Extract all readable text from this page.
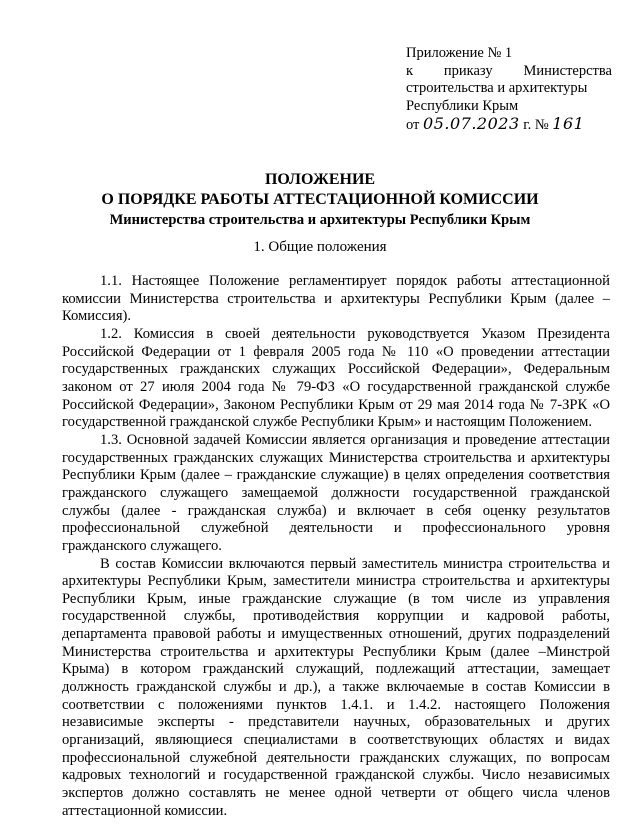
Приложение № 1
к приказу Министерства
строительства и архитектуры
Республики Крым
от 05.07.2023 г. № 161
ПОЛОЖЕНИЕ
О ПОРЯДКЕ РАБОТЫ АТТЕСТАЦИОННОЙ КОМИССИИ
Министерства строительства и архитектуры Республики Крым
1. Общие положения

1.1. Настоящее Положение регламентирует порядок работы аттестационной комиссии Министерства строительства и архитектуры Республики Крым (далее – Комиссия).

1.2. Комиссия в своей деятельности руководствуется Указом Президента Российской Федерации от 1 февраля 2005 года № 110 «О проведении аттестации государственных гражданских служащих Российской Федерации», Федеральным законом от 27 июля 2004 года № 79-ФЗ «О государственной гражданской службе Российской Федерации», Законом Республики Крым от 29 мая 2014 года № 7-ЗРК «О государственной гражданской службе Республики Крым» и настоящим Положением.

1.3. Основной задачей Комиссии является организация и проведение аттестации государственных гражданских служащих Министерства строительства и архитектуры Республики Крым (далее – гражданские служащие) в целях определения соответствия гражданского служащего замещаемой должности государственной гражданской службы (далее - гражданская служба) и включает в себя оценку результатов профессиональной служебной деятельности и профессионального уровня гражданского служащего.

В состав Комиссии включаются первый заместитель министра строительства и архитектуры Республики Крым, заместители министра строительства и архитектуры Республики Крым, иные гражданские служащие (в том числе из управления государственной службы, противодействия коррупции и кадровой работы, департамента правовой работы и имущественных отношений, других подразделений Министерства строительства и архитектуры Республики Крым (далее –Минстрой Крыма) в котором гражданский служащий, подлежащий аттестации, замещает должность гражданской службы и др.), а также включаемые в состав Комиссии в соответствии с положениями пунктов 1.4.1. и 1.4.2. настоящего Положения независимые эксперты - представители научных, образовательных и других организаций, являющиеся специалистами в соответствующих областях и видах профессиональной служебной деятельности гражданских служащих, по вопросам кадровых технологий и государственной гражданской службы. Число независимых экспертов должно составлять не менее одной четверти от общего числа членов аттестационной комиссии.
